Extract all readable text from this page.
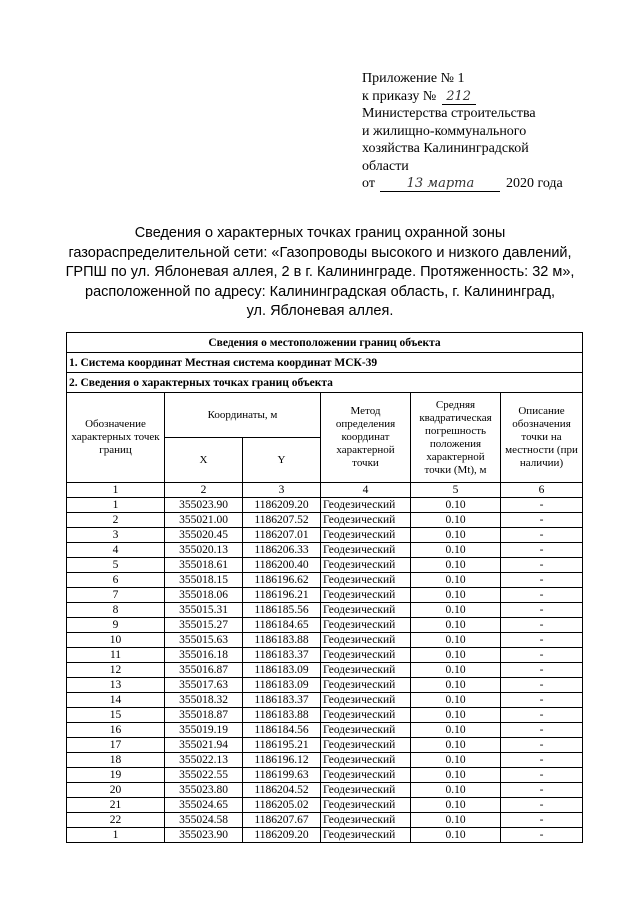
Приложение № 1
к приказу № 212
Министерства строительства
и жилищно-коммунального
хозяйства Калининградской
области
от 13 марта 2020 года
Сведения о характерных точках границ охранной зоны
газораспределительной сети: «Газопроводы высокого и низкого давлений,
ГРПШ по ул. Яблоневая аллея, 2 в г. Калининграде. Протяженность: 32 м»,
расположенной по адресу: Калининградская область, г. Калининград,
ул. Яблоневая аллея.
Сведения о местоположении границ объекта					
1. Система координат Местная система координат МСК-39					
2. Сведения о характерных точках границ объекта					
Обозначение характерных точек границ	Координаты, м		Метод определения координат характерной точки	Средняя квадратическая погрешность положения характерной точки (Mt), м	Описание обозначения точки на местности (при наличии)
	X	Y			
1	2	3	4	5	6
1	355023.90	1186209.20	Геодезический	0.10	-
2	355021.00	1186207.52	Геодезический	0.10	-
3	355020.45	1186207.01	Геодезический	0.10	-
4	355020.13	1186206.33	Геодезический	0.10	-
5	355018.61	1186200.40	Геодезический	0.10	-
6	355018.15	1186196.62	Геодезический	0.10	-
7	355018.06	1186196.21	Геодезический	0.10	-
8	355015.31	1186185.56	Геодезический	0.10	-
9	355015.27	1186184.65	Геодезический	0.10	-
10	355015.63	1186183.88	Геодезический	0.10	-
11	355016.18	1186183.37	Геодезический	0.10	-
12	355016.87	1186183.09	Геодезический	0.10	-
13	355017.63	1186183.09	Геодезический	0.10	-
14	355018.32	1186183.37	Геодезический	0.10	-
15	355018.87	1186183.88	Геодезический	0.10	-
16	355019.19	1186184.56	Геодезический	0.10	-
17	355021.94	1186195.21	Геодезический	0.10	-
18	355022.13	1186196.12	Геодезический	0.10	-
19	355022.55	1186199.63	Геодезический	0.10	-
20	355023.80	1186204.52	Геодезический	0.10	-
21	355024.65	1186205.02	Геодезический	0.10	-
22	355024.58	1186207.67	Геодезический	0.10	-
1	355023.90	1186209.20	Геодезический	0.10	-
